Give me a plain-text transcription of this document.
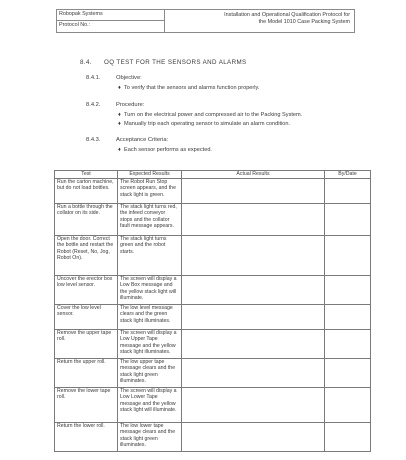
Robopak Systems
Protocol No.:
Installation and Operational Qualification Protocol for
the Model 1010 Case Packing System
8.4. OQ TEST FOR THE SENSORS AND ALARMS
8.4.1.	Objective:
♦ To verify that the sensors and alarms function properly.
8.4.2.	Procedure:
♦ Turn on the electrical power and compressed air to the Packing System.
♦ Manually trip each operating sensor to simulate an alarm condition.
8.4.3.	Acceptance Criteria:
♦ Each sensor performs as expected.
Test	Expected Results	Actual Results	By/Date
Run the carton machine, but do not load bottles.	The Robot Run Stop screen appears, and the stack light is green.		
Run a bottle through the collator on its side.	The stack light turns red, the infeed conveyor stops and the collator fault message appears.		
Open the door. Correct the bottle and restart the Robot (Reset, No, Jog, Robot On).	The stack light turns green and the robot starts.		
Uncover the erector box low level sensor.	The screen will display a Low Box message and the yellow stack light will illuminate.		
Cover the low level sensor.	The low level message clears and the green stack light illuminates.		
Remove the upper tape roll.	The screen will display a Low Upper Tape message and the yellow stack light illuminates.		
Return the upper roll.	The low upper tape message clears and the stack light green illuminates.		
Remove the lower tape roll.	The screen will display a Low Lower Tape message and the yellow stack light will illuminate.		
Return the lower roll.	The low lower tape message clears and the stack light green illuminates.		
